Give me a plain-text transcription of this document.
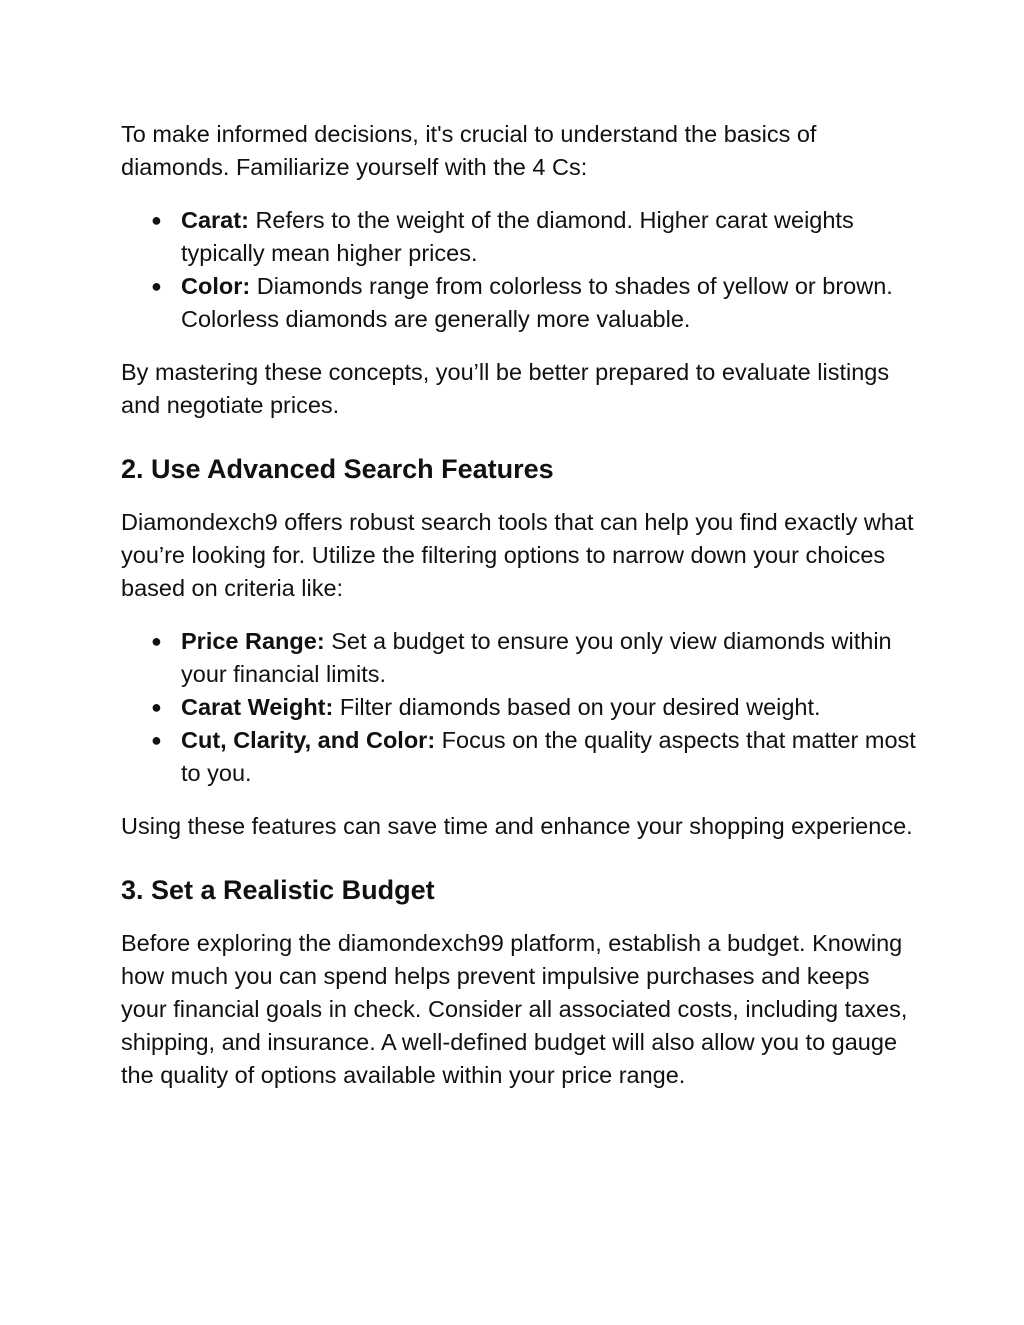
To make informed decisions, it's crucial to understand the basics of diamonds. Familiarize yourself with the 4 Cs:

● Carat: Refers to the weight of the diamond. Higher carat weights typically mean higher prices.
● Color: Diamonds range from colorless to shades of yellow or brown. Colorless diamonds are generally more valuable.

By mastering these concepts, you’ll be better prepared to evaluate listings and negotiate prices.

2. Use Advanced Search Features

Diamondexch9 offers robust search tools that can help you find exactly what you’re looking for. Utilize the filtering options to narrow down your choices based on criteria like:

● Price Range: Set a budget to ensure you only view diamonds within your financial limits.
● Carat Weight: Filter diamonds based on your desired weight.
● Cut, Clarity, and Color: Focus on the quality aspects that matter most to you.

Using these features can save time and enhance your shopping experience.

3. Set a Realistic Budget

Before exploring the diamondexch99 platform, establish a budget. Knowing how much you can spend helps prevent impulsive purchases and keeps your financial goals in check. Consider all associated costs, including taxes, shipping, and insurance. A well-defined budget will also allow you to gauge the quality of options available within your price range.
